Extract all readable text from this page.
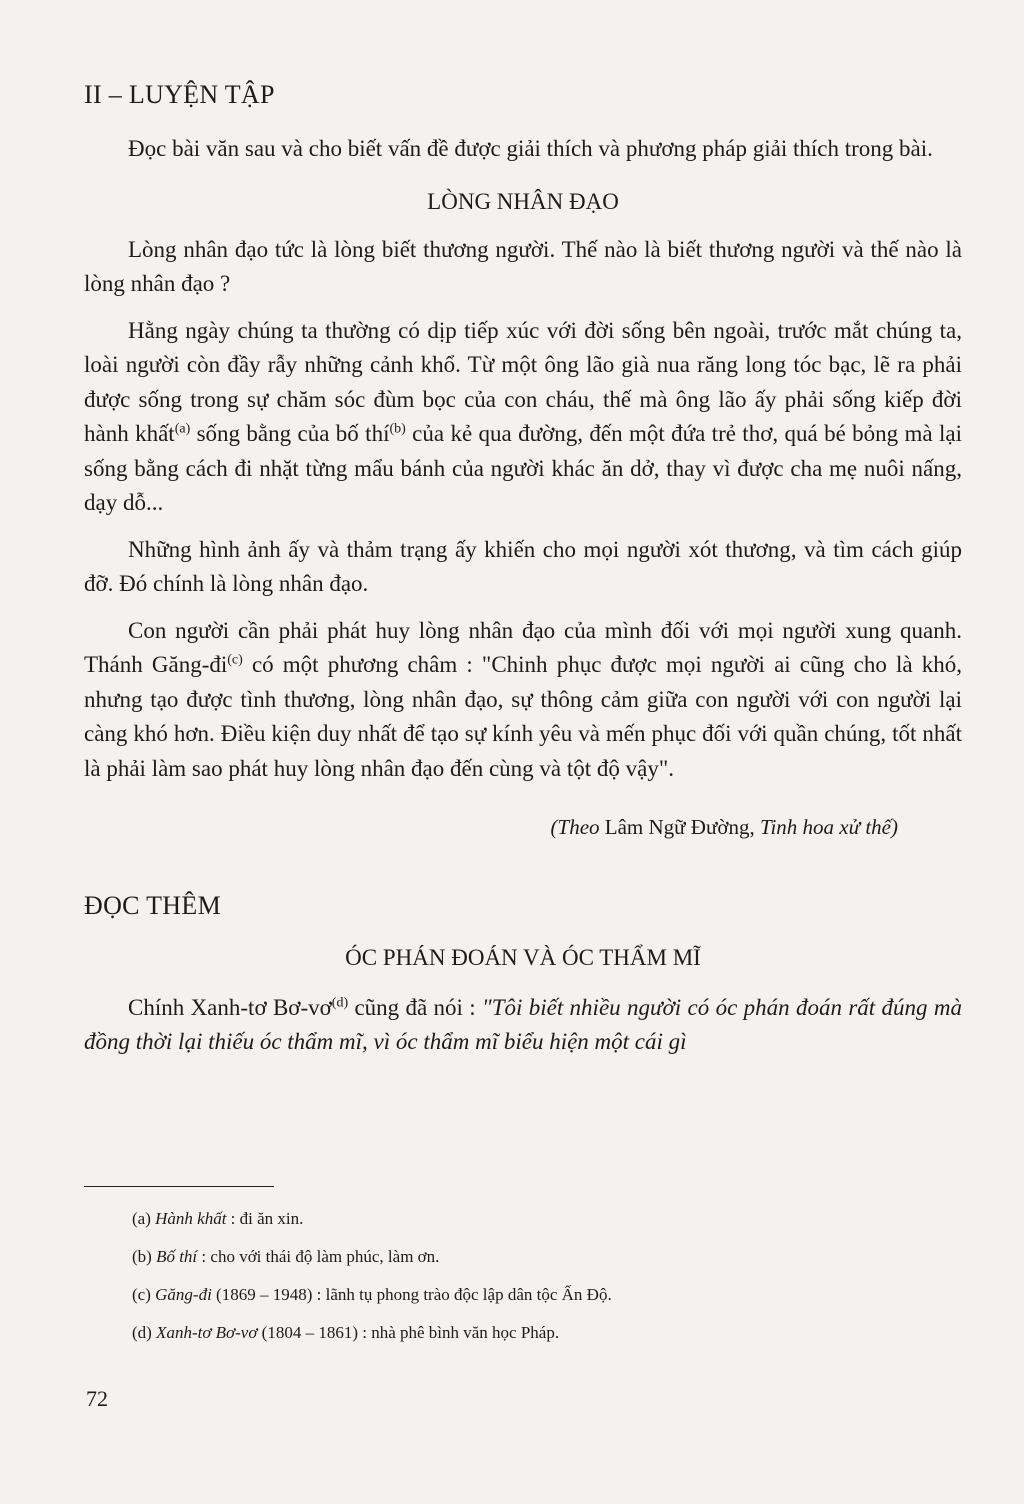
II – LUYỆN TẬP

Đọc bài văn sau và cho biết vấn đề được giải thích và phương pháp giải thích trong bài.

LÒNG NHÂN ĐẠO

Lòng nhân đạo tức là lòng biết thương người. Thế nào là biết thương người và thế nào là lòng nhân đạo ?

Hằng ngày chúng ta thường có dịp tiếp xúc với đời sống bên ngoài, trước mắt chúng ta, loài người còn đầy rẫy những cảnh khổ. Từ một ông lão già nua răng long tóc bạc, lẽ ra phải được sống trong sự chăm sóc đùm bọc của con cháu, thế mà ông lão ấy phải sống kiếp đời hành khất$^{(a)}$ sống bằng của bố thí$^{(b)}$ của kẻ qua đường, đến một đứa trẻ thơ, quá bé bỏng mà lại sống bằng cách đi nhặt từng mẩu bánh của người khác ăn dở, thay vì được cha mẹ nuôi nấng, dạy dỗ...

Những hình ảnh ấy và thảm trạng ấy khiến cho mọi người xót thương, và tìm cách giúp đỡ. Đó chính là lòng nhân đạo.

Con người cần phải phát huy lòng nhân đạo của mình đối với mọi người xung quanh. Thánh Găng-$đi^{(c)}$ có một phương châm : "Chinh phục được mọi người ai cũng cho là khó, nhưng tạo được tình thương, lòng nhân đạo, sự thông cảm giữa con người với con người lại càng khó hơn. Điều kiện duy nhất để tạo sự kính yêu và mến phục đối với quần chúng, tốt nhất là phải làm sao phát huy lòng nhân đạo đến cùng và tột độ vậy".

(Theo Lâm Ngữ Đường, Tinh hoa xử thế)

ĐỌC THÊM
ÓC PHÁN ĐOÁN VÀ ÓC THẨM MĨ

Chính Xanh-tơ $Bơ-vơ^{(d)}$ cũng đã nói : "Tôi biết nhiều người có óc phán đoán rất đúng mà đồng thời lại thiếu óc thẩm mĩ, vì óc thẩm mĩ biểu hiện một cái gì

(a) Hành khất : đi ăn xin.
(b) Bố thí : cho với thái độ làm phúc, làm ơn.
(c) Găng-đi (1869 – 1948) : lãnh tụ phong trào độc lập dân tộc Ấn Độ.
(d) Xanh-tơ Bơ-vơ (1804 – 1861) : nhà phê bình văn học Pháp.
72
